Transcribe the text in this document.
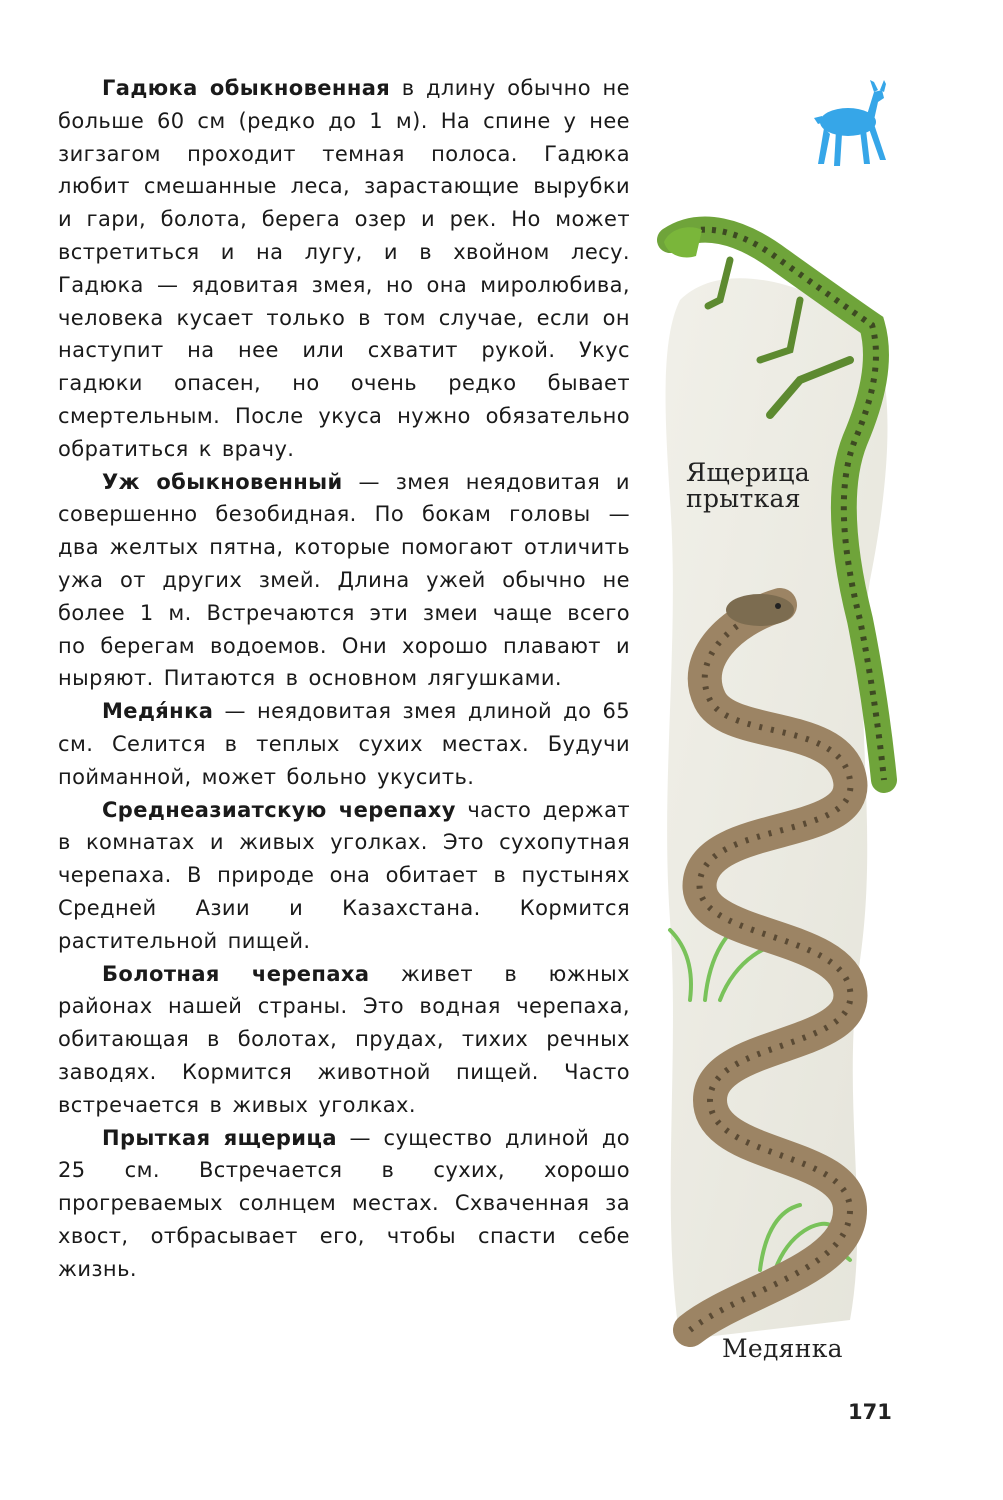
Гадюка обыкновенная в длину обычно не больше 60 см (редко до 1 м). На спине у нее зигзагом проходит темная полоса. Гадюка любит смешанные леса, зарастающие вырубки и гари, болота, берега озер и рек. Но может встретиться и на лугу, и в хвойном лесу. Гадюка — ядовитая змея, но она миролюбива, человека кусает только в том случае, если он наступит на нее или схватит рукой. Укус гадюки опасен, но очень редко бывает смертельным. После укуса нужно обязательно обратиться к врачу.

Уж обыкновенный — змея неядовитая и совершенно безобидная. По бокам головы — два желтых пятна, которые помогают отличить ужа от других змей. Длина ужей обычно не более 1 м. Встречаются эти змеи чаще всего по берегам водоемов. Они хорошо плавают и ныряют. Питаются в основном лягушками.

Медя́нка — неядовитая змея длиной до 65 см. Селится в теплых сухих местах. Будучи пойманной, может больно укусить.

Среднеазиатскую черепаху часто держат в комнатах и живых уголках. Это сухопутная черепаха. В природе она обитает в пустынях Средней Азии и Казахстана. Кормится растительной пищей.

Болотная черепаха живет в южных районах нашей страны. Это водная черепаха, обитающая в болотах, прудах, тихих речных заводях. Кормится животной пищей. Часто встречается в живых уголках.

Прыткая ящерица — существо длиной до 25 см. Встречается в сухих, хорошо прогреваемых солнцем местах. Схваченная за хвост, отбрасывает его, чтобы спасти себе жизнь.

Ящерица
прыткая
Медянка
171
